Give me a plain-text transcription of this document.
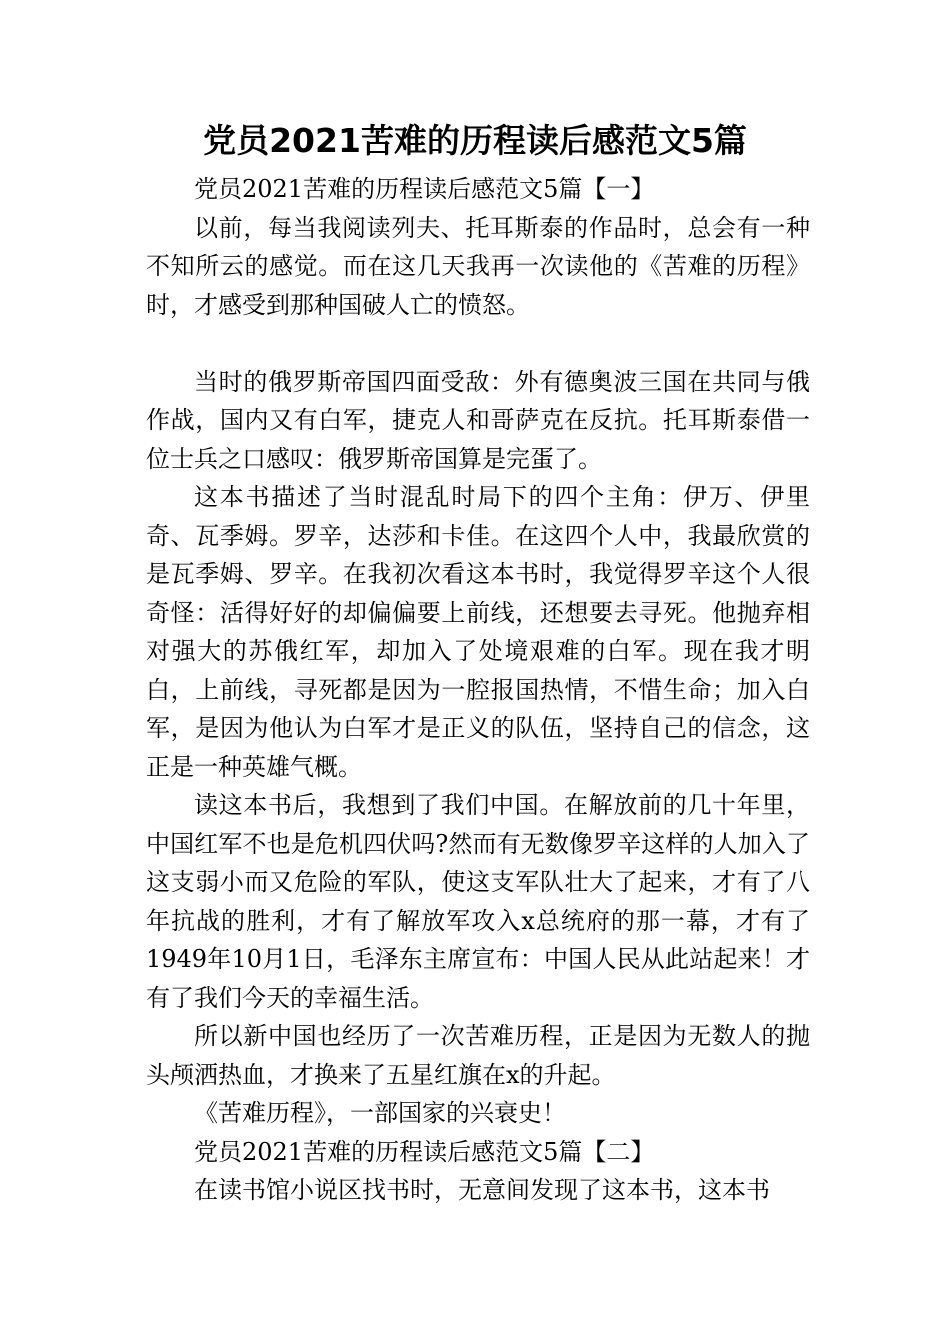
党员2021苦难的历程读后感范文5篇

党员2021苦难的历程读后感范文5篇【一】

以前，每当我阅读列夫、托耳斯泰的作品时，总会有一种不知所云的感觉。而在这几天我再一次读他的《苦难的历程》时，才感受到那种国破人亡的愤怒。

当时的俄罗斯帝国四面受敌：外有德奥波三国在共同与俄作战，国内又有白军，捷克人和哥萨克在反抗。托耳斯泰借一位士兵之口感叹：俄罗斯帝国算是完蛋了。

这本书描述了当时混乱时局下的四个主角：伊万、伊里奇、瓦季姆。罗辛，达莎和卡佳。在这四个人中，我最欣赏的是瓦季姆、罗辛。在我初次看这本书时，我觉得罗辛这个人很奇怪：活得好好的却偏偏要上前线，还想要去寻死。他抛弃相对强大的苏俄红军，却加入了处境艰难的白军。现在我才明白，上前线，寻死都是因为一腔报国热情，不惜生命；加入白军，是因为他认为白军才是正义的队伍，坚持自己的信念，这正是一种英雄气概。

读这本书后，我想到了我们中国。在解放前的几十年里，中国红军不也是危机四伏吗?然而有无数像罗辛这样的人加入了这支弱小而又危险的军队，使这支军队壮大了起来，才有了八年抗战的胜利，才有了解放军攻入x总统府的那一幕，才有了1949年10月1日，毛泽东主席宣布：中国人民从此站起来！才有了我们今天的幸福生活。

所以新中国也经历了一次苦难历程，正是因为无数人的抛头颅洒热血，才换来了五星红旗在x的升起。

《苦难历程》，一部国家的兴衰史！

党员2021苦难的历程读后感范文5篇【二】

在读书馆小说区找书时，无意间发现了这本书，这本书
